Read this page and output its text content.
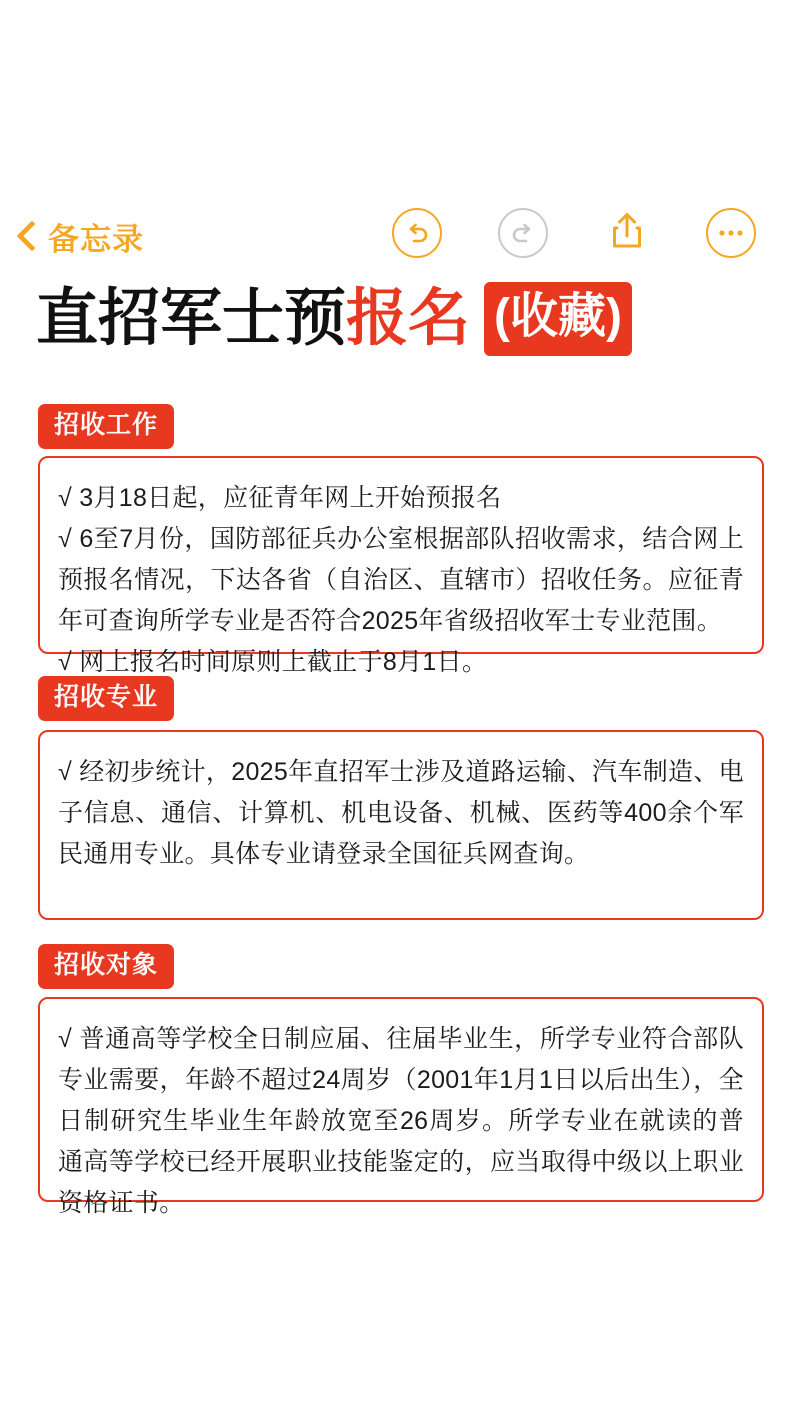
备忘录
直招军士预 报名 (收藏)
招收工作

√ 3月18日起，应征青年网上开始预报名

√ 6至7月份，国防部征兵办公室根据部队招收需求，结合网上预报名情况，下达各省（自治区、直辖市）招收任务。应征青年可查询所学专业是否符合2025年省级招收军士专业范围。

√ 网上报名时间原则上截止于8月1日。

招收专业

√ 经初步统计，2025年直招军士涉及道路运输、汽车制造、电子信息、通信、计算机、机电设备、机械、医药等400余个军民通用专业。具体专业请登录全国征兵网查询。

招收对象

√ 普通高等学校全日制应届、往届毕业生，所学专业符合部队专业需要，年龄不超过24周岁（2001年1月1日以后出生），全日制研究生毕业生年龄放宽至26周岁。所学专业在就读的普通高等学校已经开展职业技能鉴定的，应当取得中级以上职业资格证书。
